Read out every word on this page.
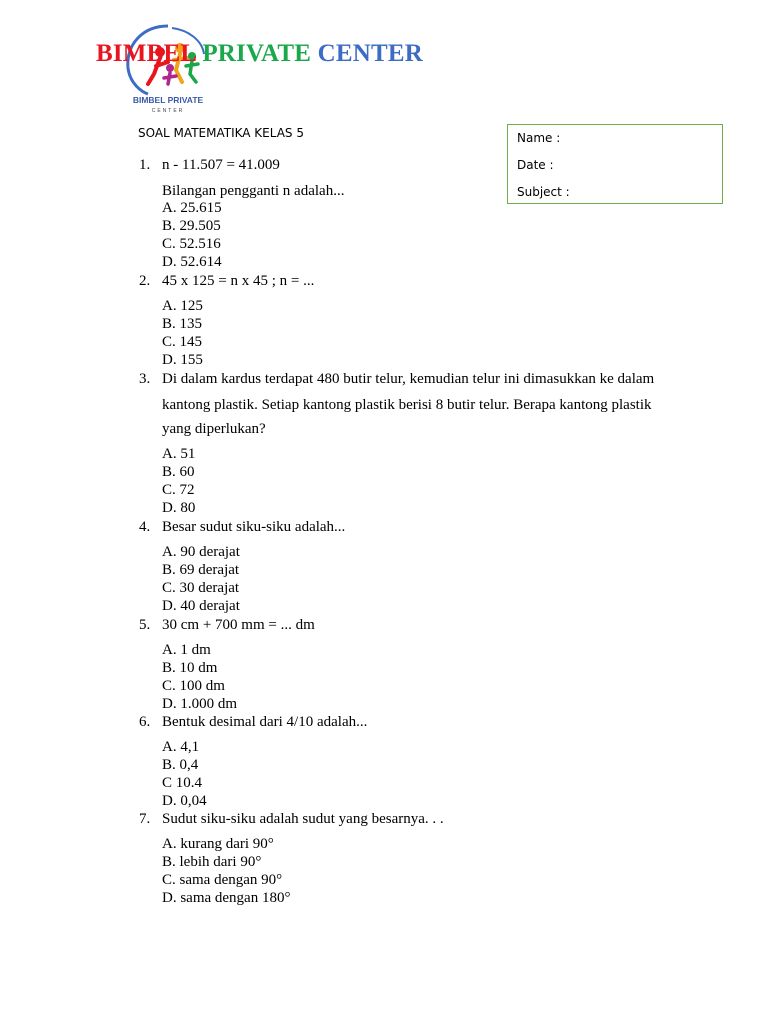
BIMBEL PRIVATE
CENTER
BIMBEL PRIVATE CENTER
Name :
Date :
Subject :
SOAL MATEMATIKA KELAS 5
1. n - 11.507 = 41.009
Bilangan pengganti n adalah...
A. 25.615
B. 29.505
C. 52.516
D. 52.614
2. 45 x 125 = n x 45 ; n = ...
A. 125
B. 135
C. 145
D. 155
3. Di dalam kardus terdapat 480 butir telur, kemudian telur ini dimasukkan ke dalam
kantong plastik. Setiap kantong plastik berisi 8 butir telur. Berapa kantong plastik
yang diperlukan?
A. 51
B. 60
C. 72
D. 80
4. Besar sudut siku-siku adalah...
A. 90 derajat
B. 69 derajat
C. 30 derajat
D. 40 derajat
5. 30 cm + 700 mm = ... dm
A. 1 dm
B. 10 dm
C. 100 dm
D. 1.000 dm
6. Bentuk desimal dari 4/10 adalah...
A. 4,1
B. 0,4
C 10.4
D. 0,04
7. Sudut siku-siku adalah sudut yang besarnya. . .
A. kurang dari 90°
B. lebih dari 90°
C. sama dengan 90°
D. sama dengan 180°
